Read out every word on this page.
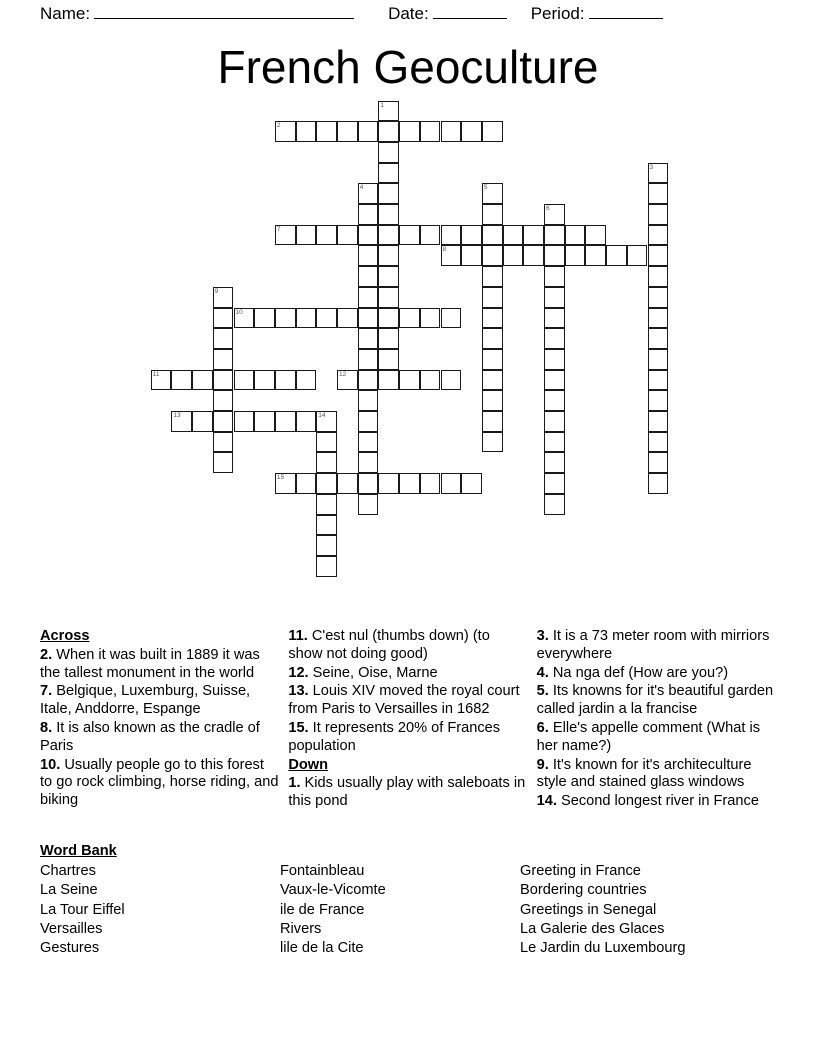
Name:	Date:	Period:
French Geoculture
1
2
3
4	5
6
7
8
9
10
11	12
13	14
15
Across
2. When it was built in 1889 it was the tallest monument in the world
7. Belgique, Luxemburg, Suisse, Itale, Anddorre, Espange
8. It is also known as the cradle of Paris
10. Usually people go to this forest to go rock climbing, horse riding, and biking
11. C'est nul (thumbs down) (to show not doing good)
12. Seine, Oise, Marne
13. Louis XIV moved the royal court from Paris to Versailles in 1682
15. It represents 20% of Frances population
Down
1. Kids usually play with saleboats in this pond
3. It is a 73 meter room with mirriors everywhere
4. Na nga def (How are you?)
5. Its knowns for it's beautiful garden called jardin a la francise
6. Elle's appelle comment (What is her name?)
9. It's known for it's architeculture style and stained glass windows
14. Second longest river in France
Word Bank
Chartres
La Seine
La Tour Eiffel
Versailles
Gestures
Fontainbleau
Vaux-le-Vicomte
ile de France
Rivers
lile de la Cite
Greeting in France
Bordering countries
Greetings in Senegal
La Galerie des Glaces
Le Jardin du Luxembourg
